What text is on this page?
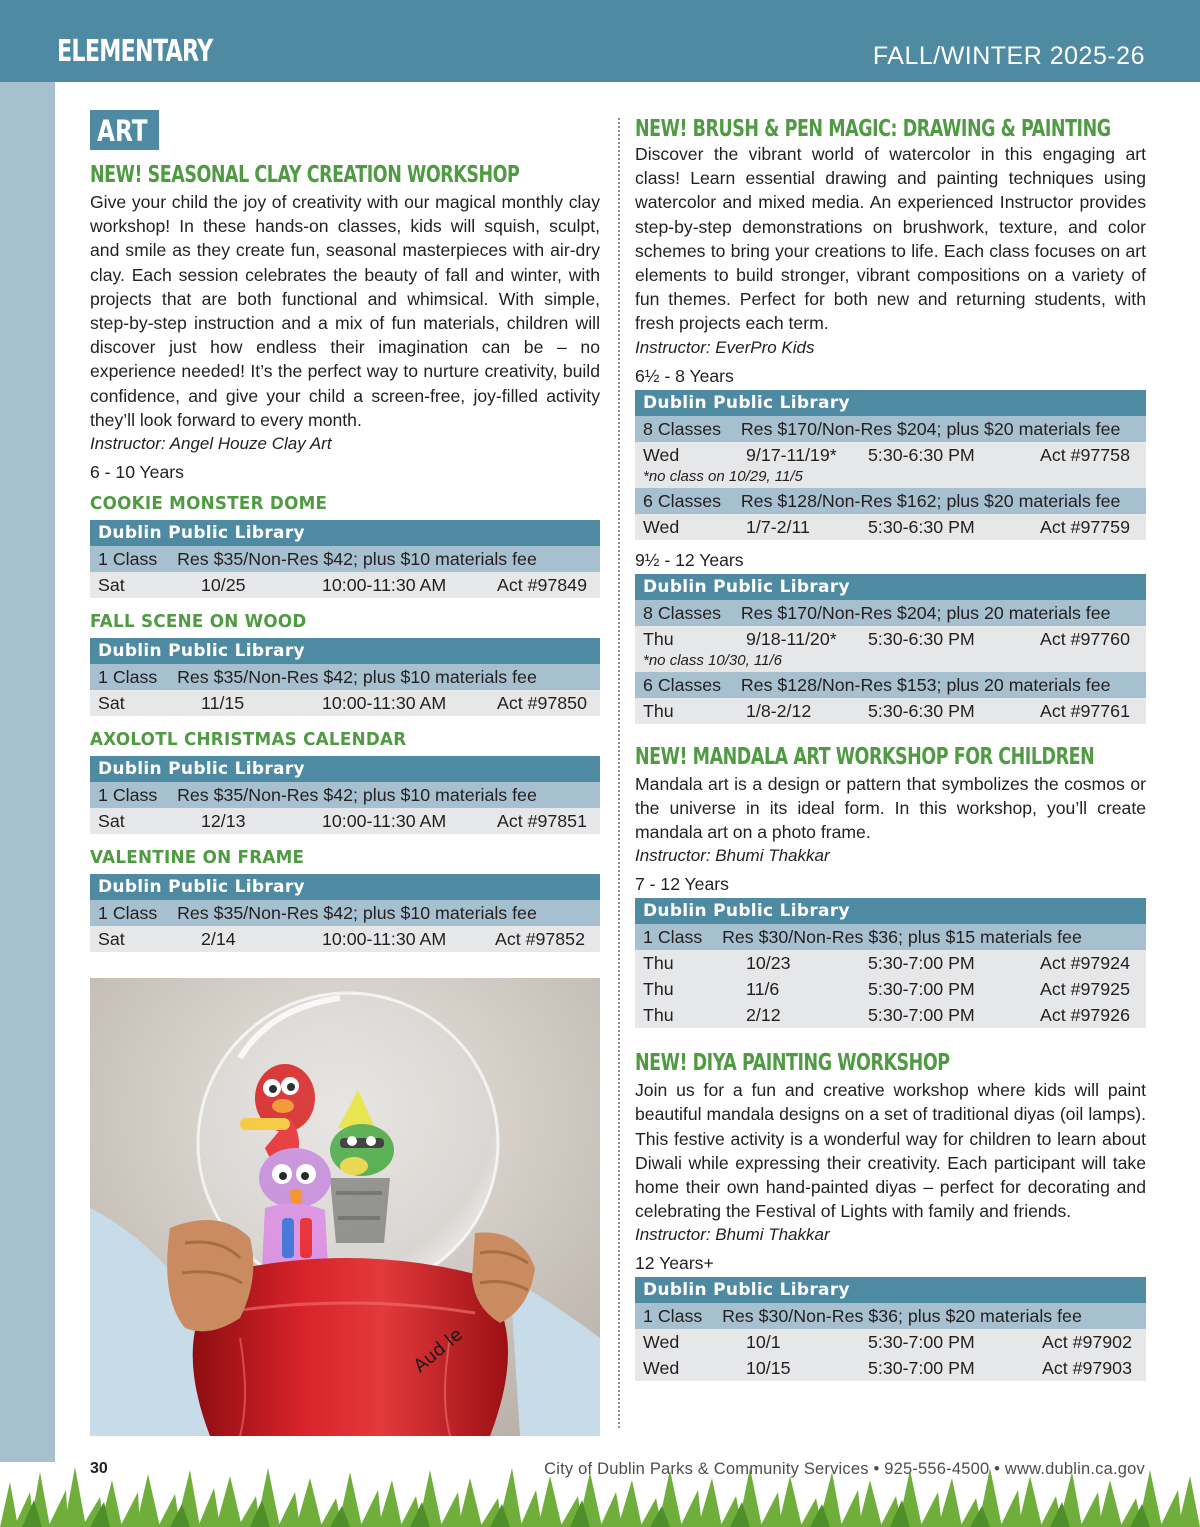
ELEMENTARY	FALL/WINTER 2025-26
ART
NEW! SEASONAL CLAY CREATION WORKSHOP
Give your child the joy of creativity with our magical monthly clay workshop! In these hands-on classes, kids will squish, sculpt, and smile as they create fun, seasonal masterpieces with air-dry clay. Each session celebrates the beauty of fall and winter, with projects that are both functional and whimsical. With simple, step-by-step instruction and a mix of fun materials, children will discover just how endless their imagination can be – no experience needed! It’s the perfect way to nurture creativity, build confidence, and give your child a screen-free, joy-filled activity they’ll look forward to every month.
Instructor: Angel Houze Clay Art
6 - 10 Years
COOKIE MONSTER DOME
Dublin Public Library
1 Class Res $35/Non-Res $42; plus $10 materials fee
Sat	10/25	10:00-11:30 AM	Act #97849
FALL SCENE ON WOOD
Dublin Public Library
1 Class Res $35/Non-Res $42; plus $10 materials fee
Sat	11/15	10:00-11:30 AM	Act #97850
AXOLOTL CHRISTMAS CALENDAR
Dublin Public Library
1 Class Res $35/Non-Res $42; plus $10 materials fee
Sat	12/13	10:00-11:30 AM	Act #97851
VALENTINE ON FRAME
Dublin Public Library
1 Class Res $35/Non-Res $42; plus $10 materials fee
Sat	2/14	10:00-11:30 AM	Act #97852
Aud le
NEW! BRUSH & PEN MAGIC: DRAWING & PAINTING
Discover the vibrant world of watercolor in this engaging art class! Learn essential drawing and painting techniques using watercolor and mixed media. An experienced Instructor provides step-by-step demonstrations on brushwork, texture, and color schemes to bring your creations to life. Each class focuses on art elements to build stronger, vibrant compositions on a variety of fun themes. Perfect for both new and returning students, with fresh projects each term.
Instructor: EverPro Kids
6½ - 8 Years
Dublin Public Library
8 Classes Res $170/Non-Res $204; plus $20 materials fee
Wed	9/17-11/19* 5:30-6:30 PM	Act #97758
*no class on 10/29, 11/5
6 Classes Res $128/Non-Res $162; plus $20 materials fee
Wed	1/7-2/11	5:30-6:30 PM	Act #97759
9½ - 12 Years
Dublin Public Library
8 Classes Res $170/Non-Res $204; plus 20 materials fee
Thu	9/18-11/20* 5:30-6:30 PM	Act #97760
*no class 10/30, 11/6
6 Classes Res $128/Non-Res $153; plus 20 materials fee
Thu	1/8-2/12	5:30-6:30 PM	Act #97761
NEW! MANDALA ART WORKSHOP FOR CHILDREN
Mandala art is a design or pattern that symbolizes the cosmos or the universe in its ideal form. In this workshop, you’ll create mandala art on a photo frame.
Instructor: Bhumi Thakkar
7 - 12 Years
Dublin Public Library
1 Class Res $30/Non-Res $36; plus $15 materials fee
Thu	10/23	5:30-7:00 PM	Act #97924
Thu	11/6	5:30-7:00 PM	Act #97925
Thu	2/12	5:30-7:00 PM	Act #97926
NEW! DIYA PAINTING WORKSHOP
Join us for a fun and creative workshop where kids will paint beautiful mandala designs on a set of traditional diyas (oil lamps). This festive activity is a wonderful way for children to learn about Diwali while expressing their creativity. Each participant will take home their own hand-painted diyas – perfect for decorating and celebrating the Festival of Lights with family and friends.
Instructor: Bhumi Thakkar
12 Years+
Dublin Public Library
1 Class Res $30/Non-Res $36; plus $20 materials fee
Wed	10/1	5:30-7:00 PM	Act #97902
Wed	10/15	5:30-7:00 PM	Act #97903
30	City of Dublin Parks & Community Services • 925-556-4500 • www.dublin.ca.gov
